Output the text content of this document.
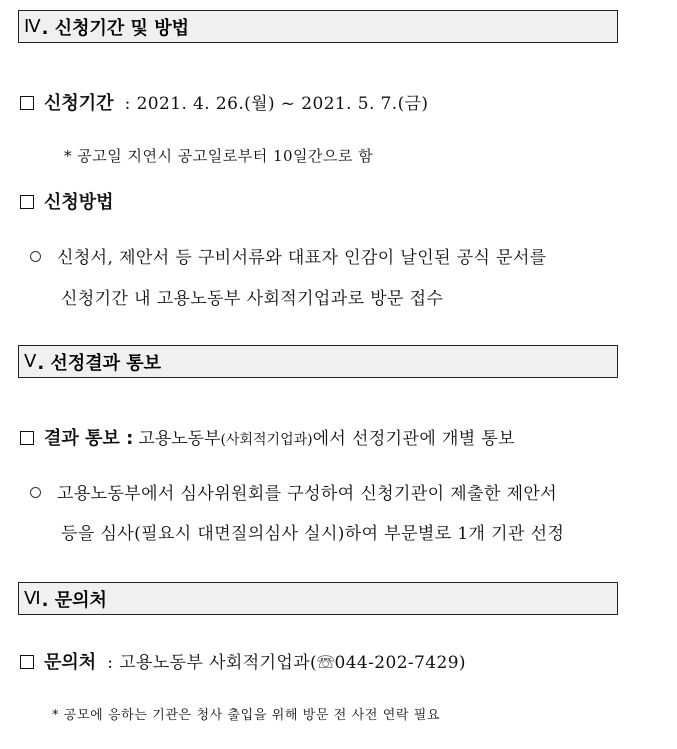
Ⅳ . 신청기간 및 방법
신청기간 : 2021. 4. 26.(월) ~ 2021. 5. 7.(금)
* 공고일 지연시 공고일로부터 10일간으로 함
신청방법
신청서, 제안서 등 구비서류와 대표자 인감이 날인된 공식 문서를
신청기간 내 고용노동부 사회적기업과로 방문 접수
Ⅴ . 선정결과 통보
결과 통보 : 고용노동부(사회적기업과)에서 선정기관에 개별 통보
고용노동부에서 심사위원회를 구성하여 신청기관이 제출한 제안서
등을 심사(필요시 대면질의심사 실시)하여 부문별로 1개 기관 선정
Ⅵ . 문의처
문의처 : 고용노동부 사회적기업과(☏044-202-7429)
* 공모에 응하는 기관은 청사 출입을 위해 방문 전 사전 연락 필요
